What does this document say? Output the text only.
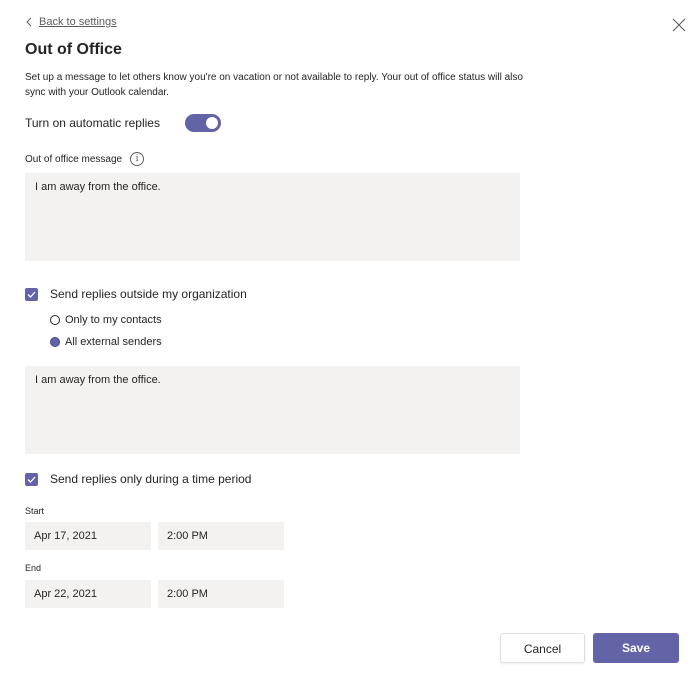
Back to settings
Out of Office
Set up a message to let others know you're on vacation or not available to reply. Your out of office status will also sync with your Outlook calendar.
Turn on automatic replies
Out of office message	i
I am away from the office.
Send replies outside my organization
Only to my contacts
All external senders
I am away from the office.
Send replies only during a time period
Start
Apr 17, 2021	2:00 PM
End
Apr 22, 2021	2:00 PM
Cancel	Save
